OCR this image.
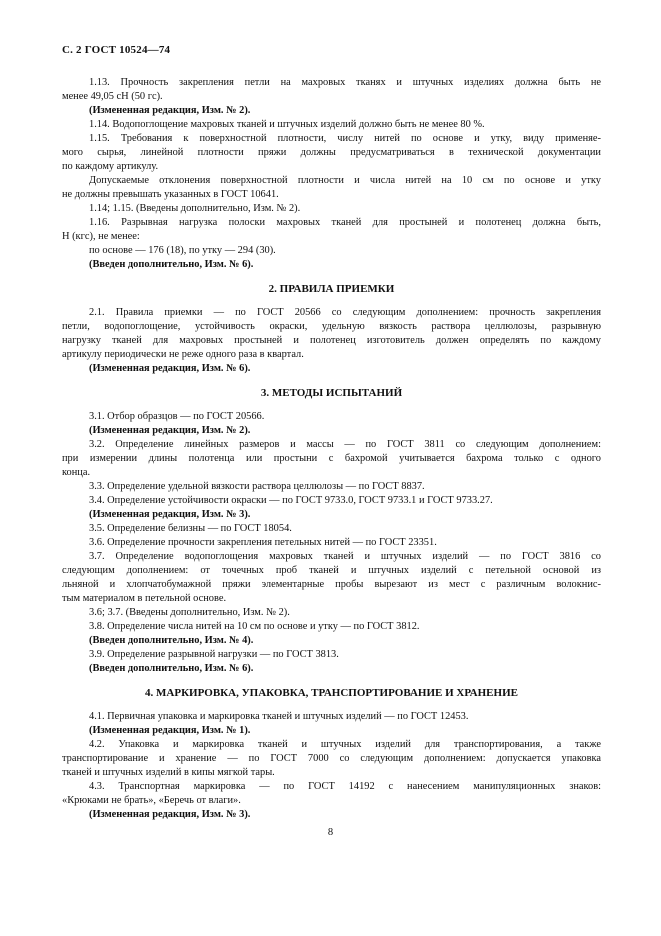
С. 2 ГОСТ 10524—74
1.13. Прочность закрепления петли на махровых тканях и штучных изделиях должна быть не
менее 49,05 сН (50 гс).
(Измененная редакция, Изм. № 2).
1.14. Водопоглощение махровых тканей и штучных изделий должно быть не менее 80 %.
1.15. Требования к поверхностной плотности, числу нитей по основе и утку, виду применяе-
мого сырья, линейной плотности пряжи должны предусматриваться в технической документации
по каждому артикулу.
Допускаемые отклонения поверхностной плотности и числа нитей на 10 см по основе и утку
не должны превышать указанных в ГОСТ 10641.
1.14; 1.15. (Введены дополнительно, Изм. № 2).
1.16. Разрывная нагрузка полоски махровых тканей для простыней и полотенец должна быть,
Н (кгс), не менее:
по основе — 176 (18), по утку — 294 (30).
(Введен дополнительно, Изм. № 6).
2. ПРАВИЛА ПРИЕМКИ
2.1. Правила приемки — по ГОСТ 20566 со следующим дополнением: прочность закрепления
петли, водопоглощение, устойчивость окраски, удельную вязкость раствора целлюлозы, разрывную
нагрузку тканей для махровых простыней и полотенец изготовитель должен определять по каждому
артикулу периодически не реже одного раза в квартал.
(Измененная редакция, Изм. № 6).
3. МЕТОДЫ ИСПЫТАНИЙ
3.1. Отбор образцов — по ГОСТ 20566.
(Измененная редакция, Изм. № 2).
3.2. Определение линейных размеров и массы — по ГОСТ 3811 со следующим дополнением:
при измерении длины полотенца или простыни с бахромой учитывается бахрома только с одного
конца.
3.3. Определение удельной вязкости раствора целлюлозы — по ГОСТ 8837.
3.4. Определение устойчивости окраски — по ГОСТ 9733.0, ГОСТ 9733.1 и ГОСТ 9733.27.
(Измененная редакция, Изм. № 3).
3.5. Определение белизны — по ГОСТ 18054.
3.6. Определение прочности закрепления петельных нитей — по ГОСТ 23351.
3.7. Определение водопоглощения махровых тканей и штучных изделий — по ГОСТ 3816 со
следующим дополнением: от точечных проб тканей и штучных изделий с петельной основой из
льняной и хлопчатобумажной пряжи элементарные пробы вырезают из мест с различным волокнис-
тым материалом в петельной основе.
3.6; 3.7. (Введены дополнительно, Изм. № 2).
3.8. Определение числа нитей на 10 см по основе и утку — по ГОСТ 3812.
(Введен дополнительно, Изм. № 4).
3.9. Определение разрывной нагрузки — по ГОСТ 3813.
(Введен дополнительно, Изм. № 6).
4. МАРКИРОВКА, УПАКОВКА, ТРАНСПОРТИРОВАНИЕ И ХРАНЕНИЕ
4.1. Первичная упаковка и маркировка тканей и штучных изделий — по ГОСТ 12453.
(Измененная редакция, Изм. № 1).
4.2. Упаковка и маркировка тканей и штучных изделий для транспортирования, а также
транспортирование и хранение — по ГОСТ 7000 со следующим дополнением: допускается упаковка
тканей и штучных изделий в кипы мягкой тары.
4.3. Транспортная маркировка — по ГОСТ 14192 с нанесением манипуляционных знаков:
«Крюками не брать», «Беречь от влаги».
(Измененная редакция, Изм. № 3).
8
